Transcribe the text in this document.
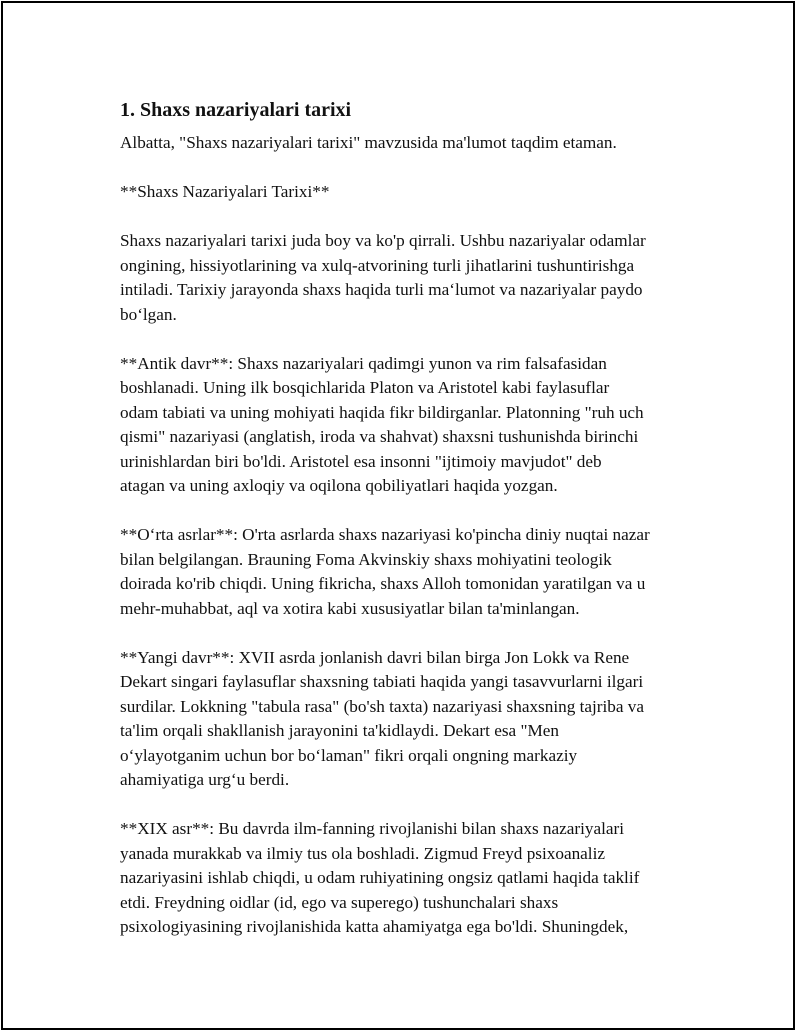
1. Shaxs nazariyalari tarixi
Albatta, "Shaxs nazariyalari tarixi" mavzusida ma'lumot taqdim etaman.
**Shaxs Nazariyalari Tarixi**
Shaxs nazariyalari tarixi juda boy va ko'p qirrali. Ushbu nazariyalar odamlar
ongining, hissiyotlarining va xulq-atvorining turli jihatlarini tushuntirishga
intiladi. Tarixiy jarayonda shaxs haqida turli ma‘lumot va nazariyalar paydo
bo‘lgan.
**Antik davr**: Shaxs nazariyalari qadimgi yunon va rim falsafasidan
boshlanadi. Uning ilk bosqichlarida Platon va Aristotel kabi faylasuflar
odam tabiati va uning mohiyati haqida fikr bildirganlar. Platonning "ruh uch
qismi" nazariyasi (anglatish, iroda va shahvat) shaxsni tushunishda birinchi
urinishlardan biri bo'ldi. Aristotel esa insonni "ijtimoiy mavjudot" deb
atagan va uning axloqiy va oqilona qobiliyatlari haqida yozgan.
**O‘rta asrlar**: O'rta asrlarda shaxs nazariyasi ko'pincha diniy nuqtai nazar
bilan belgilangan. Brauning Foma Akvinskiy shaxs mohiyatini teologik
doirada ko'rib chiqdi. Uning fikricha, shaxs Alloh tomonidan yaratilgan va u
mehr-muhabbat, aql va xotira kabi xususiyatlar bilan ta'minlangan.
**Yangi davr**: XVII asrda jonlanish davri bilan birga Jon Lokk va Rene
Dekart singari faylasuflar shaxsning tabiati haqida yangi tasavvurlarni ilgari
surdilar. Lokkning "tabula rasa" (bo'sh taxta) nazariyasi shaxsning tajriba va
ta'lim orqali shakllanish jarayonini ta'kidlaydi. Dekart esa "Men
o‘ylayotganim uchun bor bo‘laman" fikri orqali ongning markaziy
ahamiyatiga urg‘u berdi.
**XIX asr**: Bu davrda ilm-fanning rivojlanishi bilan shaxs nazariyalari
yanada murakkab va ilmiy tus ola boshladi. Zigmud Freyd psixoanaliz
nazariyasini ishlab chiqdi, u odam ruhiyatining ongsiz qatlami haqida taklif
etdi. Freydning oidlar (id, ego va superego) tushunchalari shaxs
psixologiyasining rivojlanishida katta ahamiyatga ega bo'ldi. Shuningdek,
